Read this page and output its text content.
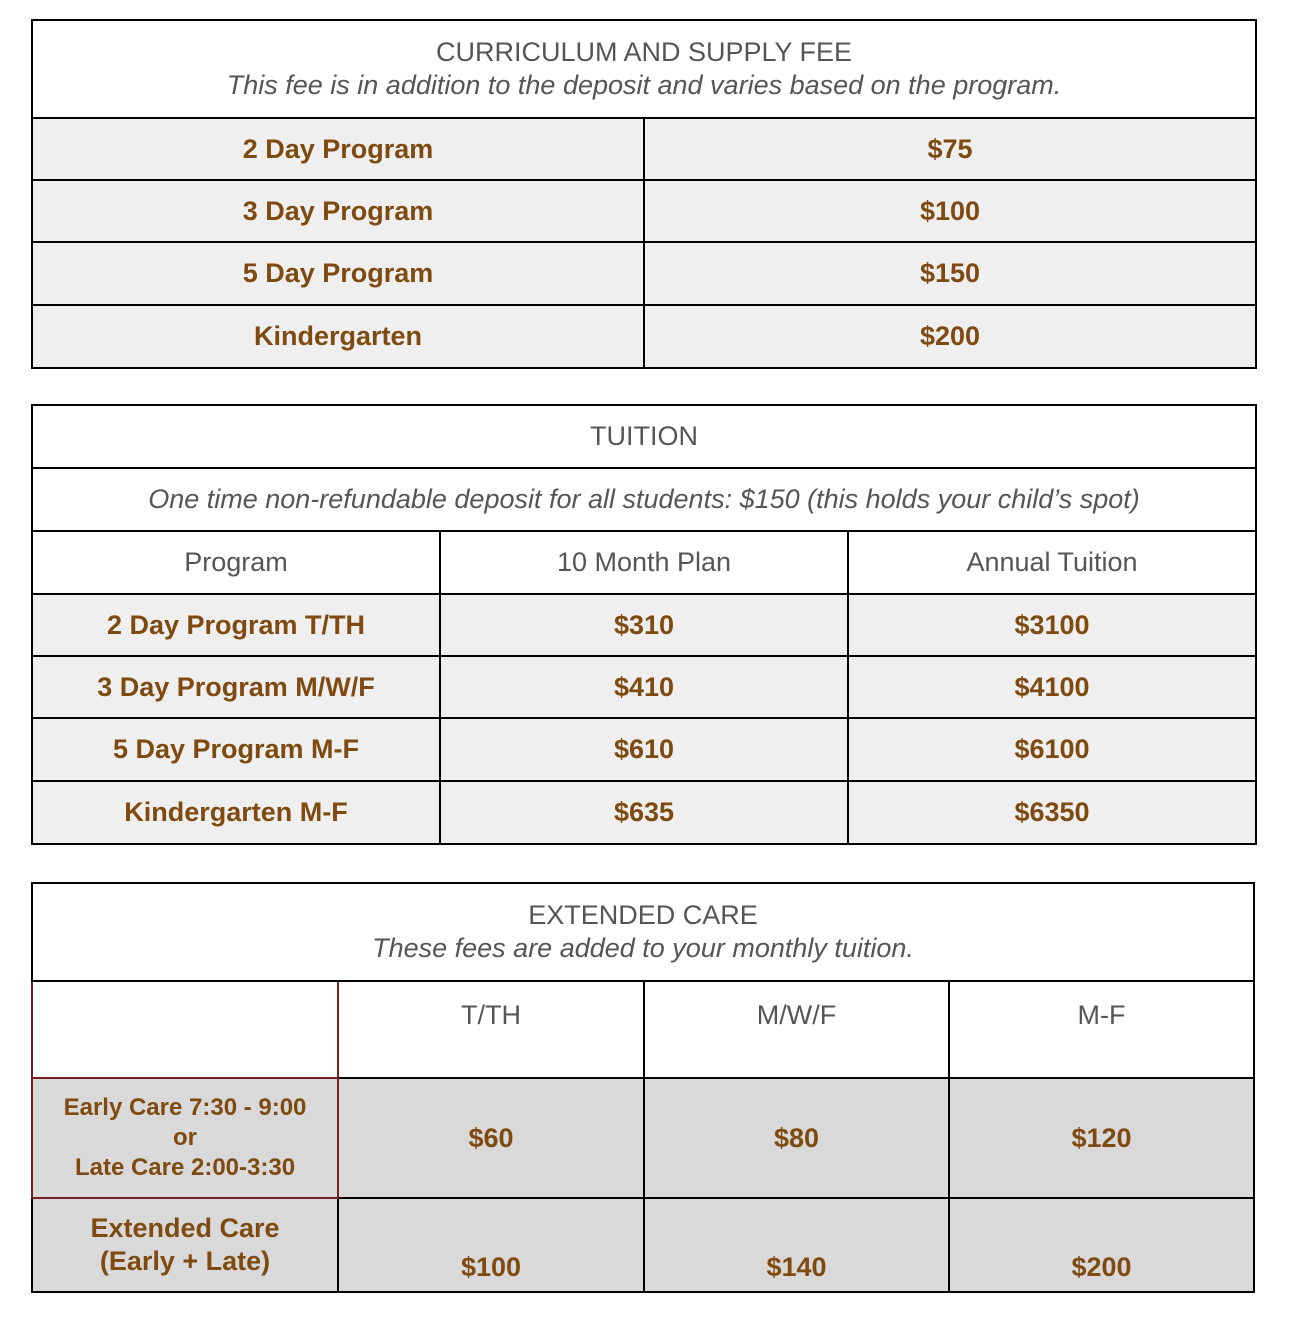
CURRICULUM AND SUPPLY FEE
This fee is in addition to the deposit and varies based on the program.	

2 Day Program	$75
3 Day Program	$100
5 Day Program	$150
Kindergarten	$200
TUITION		
One time non-refundable deposit for all students: $150 (this holds your child’s spot)		
Program	10 Month Plan	Annual Tuition
2 Day Program T/TH	$310	$3100
3 Day Program M/W/F	$410	$4100
5 Day Program M-F	$610	$6100
Kindergarten M-F	$635	$6350
EXTENDED CARE
These fees are added to your monthly tuition.			

	T/TH	M/W/F	M-F

Early Care 7:30 - 9:00
or
Late Care 2:00-3:30	$60	$80	$120

Extended Care
(Early + Late)	$100	$140	$200
